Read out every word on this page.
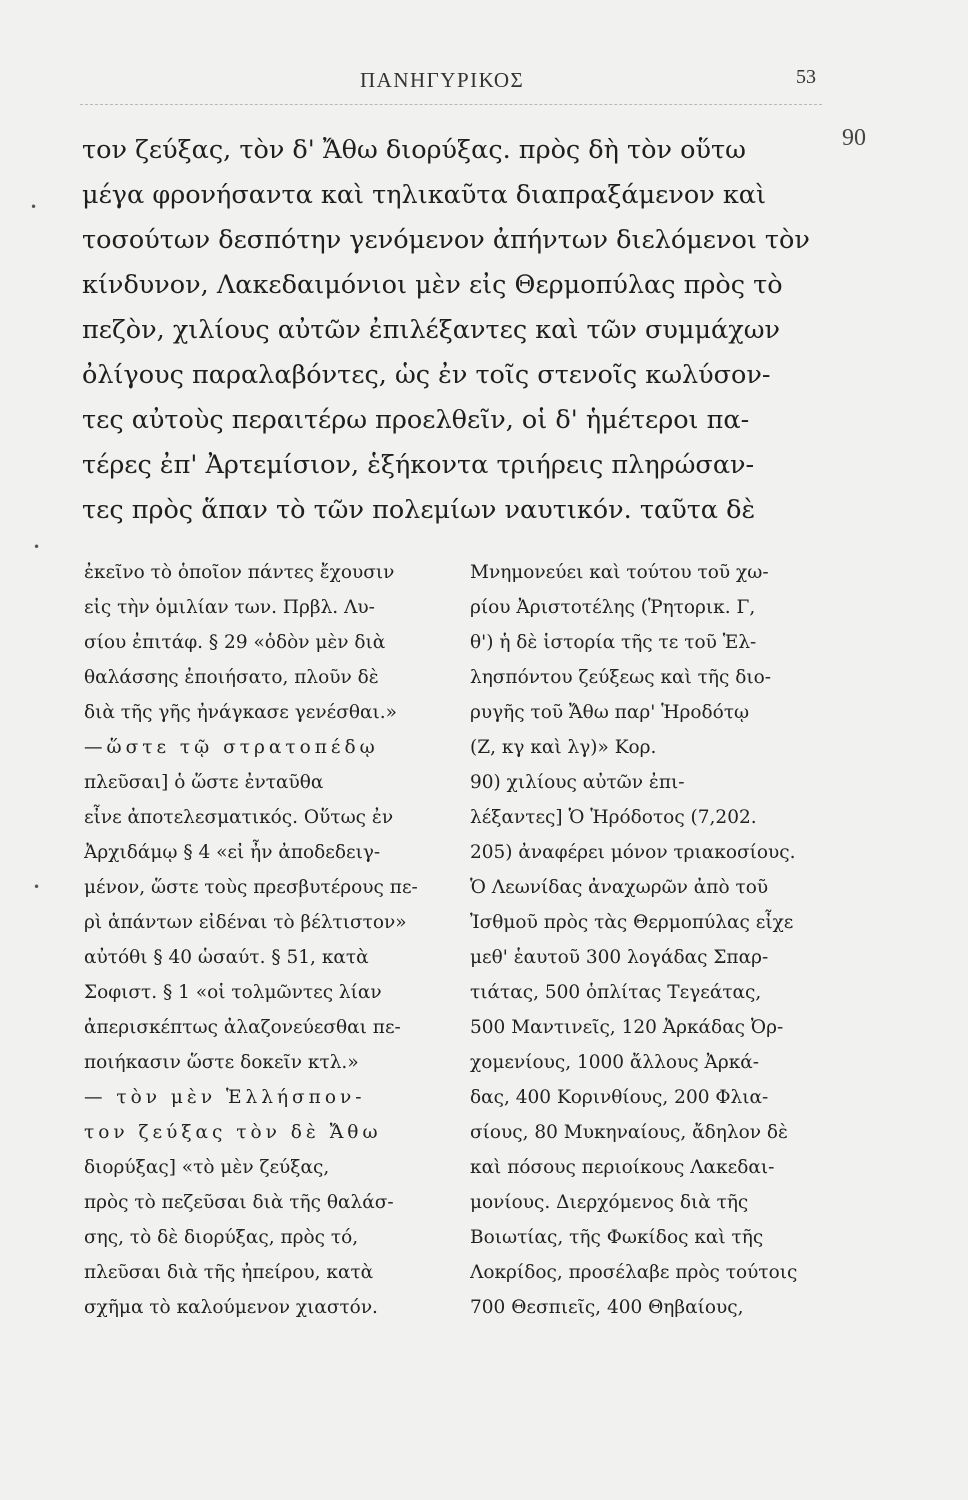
ΠΑΝΗΓΥΡΙΚΟΣ	53
90
•
•
•
τον ζεύξας, τὸν δ' Ἄθω διορύξας. πρὸς δὴ τὸν οὕτω
μέγα φρονήσαντα καὶ τηλικαῦτα διαπραξάμενον καὶ
τοσούτων δεσπότην γενόμενον ἀπήντων διελόμενοι τὸν
κίνδυνον, Λακεδαιμόνιοι μὲν εἰς Θερμοπύλας πρὸς τὸ
πεζὸν, χιλίους αὐτῶν ἐπιλέξαντες καὶ τῶν συμμάχων
ὀλίγους παραλαβόντες, ὡς ἐν τοῖς στενοῖς κωλύσον-
τες αὐτοὺς περαιτέρω προελθεῖν, οἱ δ' ἡμέτεροι πα-
τέρες ἐπ' Ἀρτεμίσιον, ἑξήκοντα τριήρεις πληρώσαν-
τες πρὸς ἅπαν τὸ τῶν πολεμίων ναυτικόν. ταῦτα δὲ
ἐκεῖνο τὸ ὁποῖον πάντες ἔχουσιν
εἰς τὴν ὁμιλίαν των. Πρβλ. Λυ-
σίου ἐπιτάφ. § 29 «ὁδὸν μὲν διὰ
θαλάσσης ἐποιήσατο, πλοῦν δὲ
διὰ τῆς γῆς ἠνάγκασε γενέσθαι.»
—ὥστε τῷ στρατοπέδῳ
πλεῦσαι] ὁ ὥστε ἐνταῦθα
εἶνε ἀποτελεσματικός. Οὕτως ἐν
Ἀρχιδάμῳ § 4 «εἰ ἦν ἀποδεδειγ-
μένον, ὥστε τοὺς πρεσβυτέρους πε-
ρὶ ἁπάντων εἰδέναι τὸ βέλτιστον»
αὐτόθι § 40 ὡσαύτ. § 51, κατὰ
Σοφιστ. § 1 «οἱ τολμῶντες λίαν
ἀπερισκέπτως ἀλαζονεύεσθαι πε-
ποιήκασιν ὥστε δοκεῖν κτλ.»
— τὸν μὲν Ἑλλήσπον-
τον ζεύξας τὸν δὲ Ἄθω
διορύξας] «τὸ μὲν ζεύξας,
πρὸς τὸ πεζεῦσαι διὰ τῆς θαλάσ-
σης, τὸ δὲ διορύξας, πρὸς τό,
πλεῦσαι διὰ τῆς ἠπείρου, κατὰ
σχῆμα τὸ καλούμενον χιαστόν.
Μνημονεύει καὶ τούτου τοῦ χω-
ρίου Ἀριστοτέλης (Ῥητορικ. Γ,
θ') ἡ δὲ ἱστορία τῆς τε τοῦ Ἑλ-
λησπόντου ζεύξεως καὶ τῆς διο-
ρυγῆς τοῦ Ἄθω παρ' Ἡροδότῳ
(Ζ, κγ καὶ λγ)» Κορ.
90) χιλίους αὐτῶν ἐπι-
λέξαντες] Ὁ Ἡρόδοτος (7,202.
205) ἀναφέρει μόνον τριακοσίους.
Ὁ Λεωνίδας ἀναχωρῶν ἀπὸ τοῦ
Ἰσθμοῦ πρὸς τὰς Θερμοπύλας εἶχε
μεθ' ἑαυτοῦ 300 λογάδας Σπαρ-
τιάτας, 500 ὁπλίτας Τεγεάτας,
500 Μαντινεῖς, 120 Ἀρκάδας Ὀρ-
χομενίους, 1000 ἄλλους Ἀρκά-
δας, 400 Κορινθίους, 200 Φλια-
σίους, 80 Μυκηναίους, ἄδηλον δὲ
καὶ πόσους περιοίκους Λακεδαι-
μονίους. Διερχόμενος διὰ τῆς
Βοιωτίας, τῆς Φωκίδος καὶ τῆς
Λοκρίδος, προσέλαβε πρὸς τούτοις
700 Θεσπιεῖς, 400 Θηβαίους,
